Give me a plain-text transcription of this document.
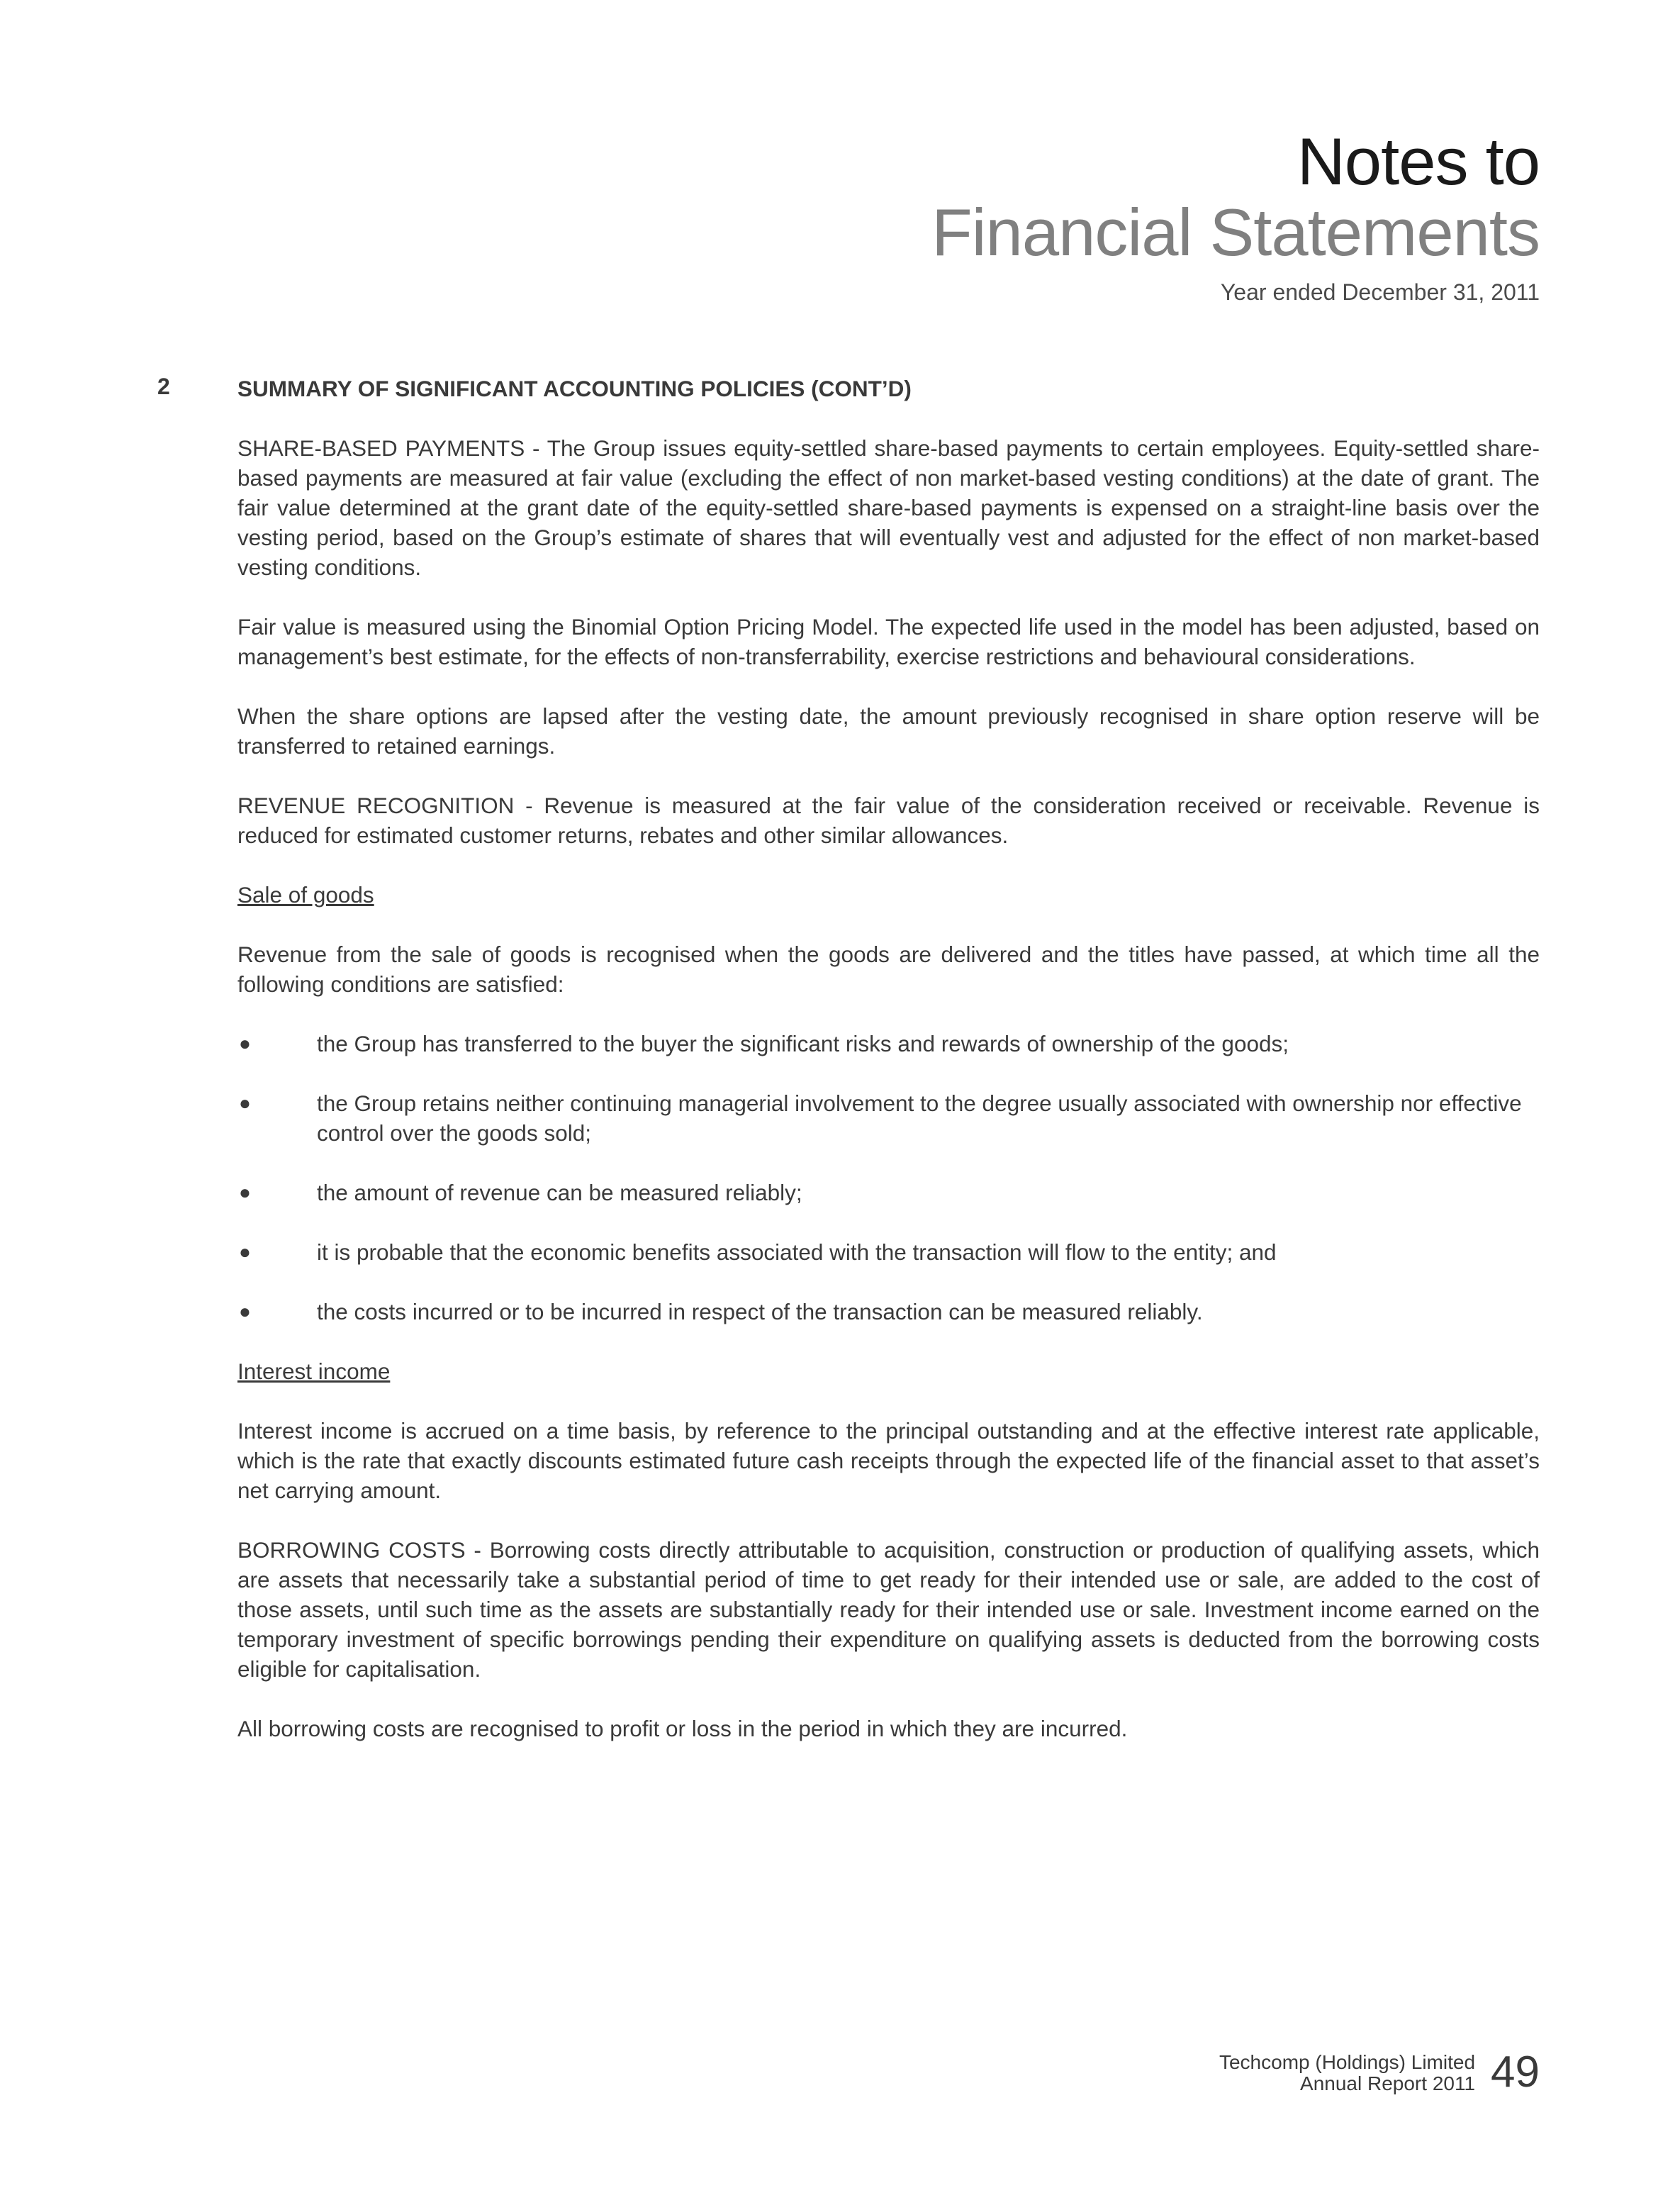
Notes to
Financial Statements
Year ended December 31, 2011
2	SUMMARY OF SIGNIFICANT ACCOUNTING POLICIES (CONT’D)

SHARE-BASED PAYMENTS - The Group issues equity-settled share-based payments to certain employees. Equity-settled share-based payments are measured at fair value (excluding the effect of non market-based vesting conditions) at the date of grant. The fair value determined at the grant date of the equity-settled share-based payments is expensed on a straight-line basis over the vesting period, based on the Group’s estimate of shares that will eventually vest and adjusted for the effect of non market-based vesting conditions.

Fair value is measured using the Binomial Option Pricing Model. The expected life used in the model has been adjusted, based on management’s best estimate, for the effects of non-transferrability, exercise restrictions and behavioural considerations.

When the share options are lapsed after the vesting date, the amount previously recognised in share option reserve will be transferred to retained earnings.

REVENUE RECOGNITION - Revenue is measured at the fair value of the consideration received or receivable. Revenue is reduced for estimated customer returns, rebates and other similar allowances.

Sale of goods

Revenue from the sale of goods is recognised when the goods are delivered and the titles have passed, at which time all the following conditions are satisfied:

●	the Group has transferred to the buyer the significant risks and rewards of ownership of the goods;
●	the Group retains neither continuing managerial involvement to the degree usually associated with ownership nor effective control over the goods sold;
●	the amount of revenue can be measured reliably;
●	it is probable that the economic benefits associated with the transaction will flow to the entity; and
●	the costs incurred or to be incurred in respect of the transaction can be measured reliably.
Interest income

Interest income is accrued on a time basis, by reference to the principal outstanding and at the effective interest rate applicable, which is the rate that exactly discounts estimated future cash receipts through the expected life of the financial asset to that asset’s net carrying amount.

BORROWING COSTS - Borrowing costs directly attributable to acquisition, construction or production of qualifying assets, which are assets that necessarily take a substantial period of time to get ready for their intended use or sale, are added to the cost of those assets, until such time as the assets are substantially ready for their intended use or sale. Investment income earned on the temporary investment of specific borrowings pending their expenditure on qualifying assets is deducted from the borrowing costs eligible for capitalisation.

All borrowing costs are recognised to profit or loss in the period in which they are incurred.

Techcomp (Holdings) Limited
Annual Report 2011 49
